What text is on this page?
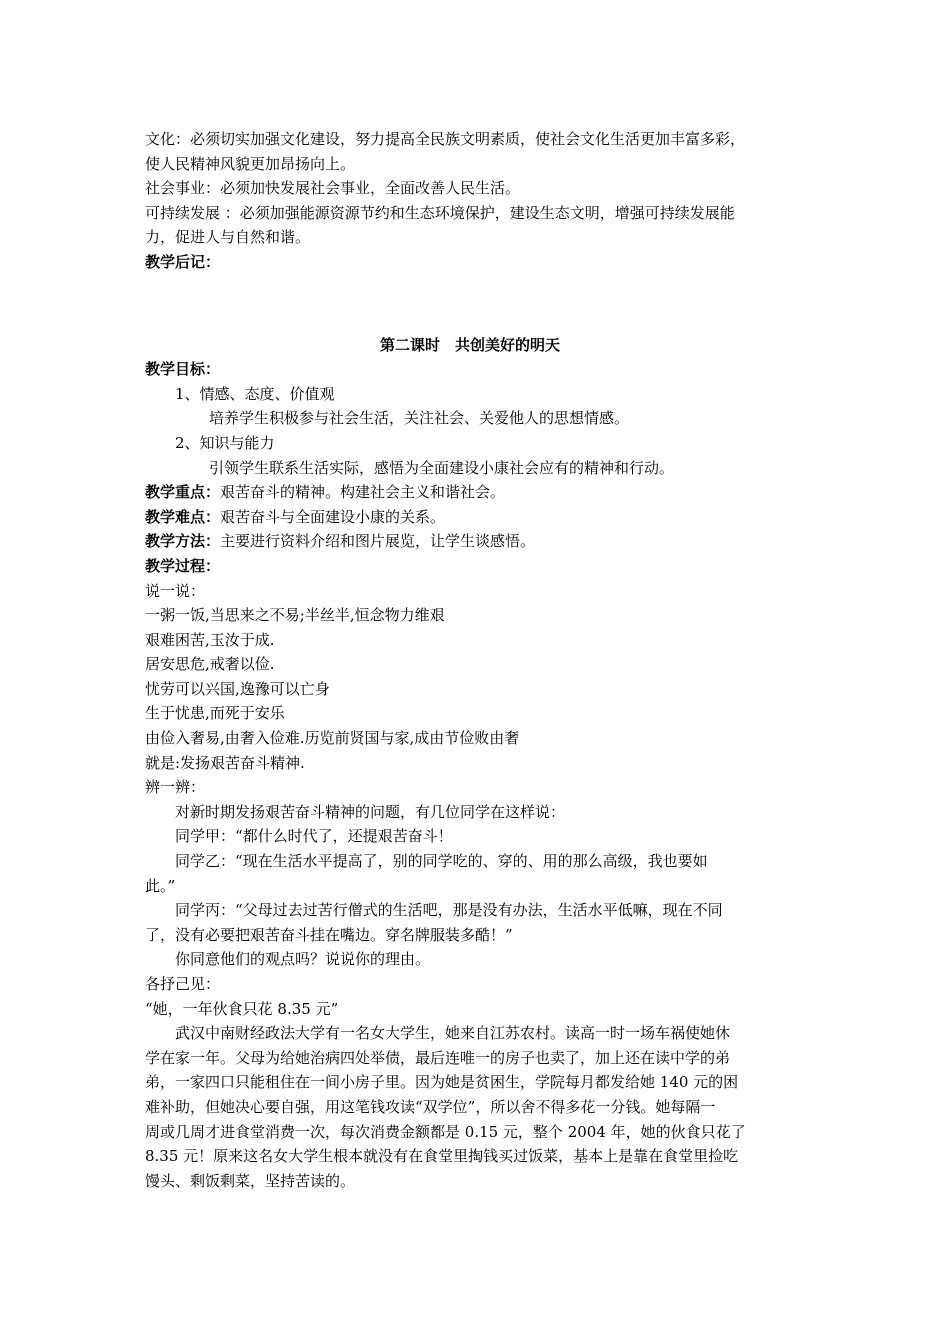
文化：必须切实加强文化建设，努力提高全民族文明素质，使社会文化生活更加丰富多彩，
使人民精神风貌更加昂扬向上。
社会事业：必须加快发展社会事业，全面改善人民生活。
可持续发展 ：必须加强能源资源节约和生态环境保护，建设生态文明，增强可持续发展能
力，促进人与自然和谐。
教学后记：
第二课时　共创美好的明天
教学目标：
1、情感、态度、价值观
培养学生积极参与社会生活，关注社会、关爱他人的思想情感。
2、知识与能力
引领学生联系生活实际，感悟为全面建设小康社会应有的精神和行动。
教学重点：艰苦奋斗的精神。构建社会主义和谐社会。
教学难点：艰苦奋斗与全面建设小康的关系。
教学方法：主要进行资料介绍和图片展览，让学生谈感悟。
教学过程：
说一说：
一粥一饭,当思来之不易;半丝半,恒念物力维艰
艰难困苦,玉汝于成.
居安思危,戒奢以俭.
忧劳可以兴国,逸豫可以亡身
生于忧患,而死于安乐
由俭入奢易,由奢入俭难.历览前贤国与家,成由节俭败由奢
就是:发扬艰苦奋斗精神.
辨一辨：
对新时期发扬艰苦奋斗精神的问题，有几位同学在这样说：
同学甲：“都什么时代了，还提艰苦奋斗！
同学乙：“现在生活水平提高了，别的同学吃的、穿的、用的那么高级，我也要如
此。”
同学丙：“父母过去过苦行僧式的生活吧，那是没有办法，生活水平低嘛，现在不同
了，没有必要把艰苦奋斗挂在嘴边。穿名牌服装多酷！”
你同意他们的观点吗？说说你的理由。
各抒己见：
“她，一年伙食只花 8.35 元”
武汉中南财经政法大学有一名女大学生，她来自江苏农村。读高一时一场车祸使她休
学在家一年。父母为给她治病四处举债，最后连唯一的房子也卖了，加上还在读中学的弟
弟，一家四口只能租住在一间小房子里。因为她是贫困生，学院每月都发给她 140 元的困
难补助，但她决心要自强，用这笔钱攻读“双学位”，所以舍不得多花一分钱。她每隔一
周或几周才进食堂消费一次，每次消费金额都是 0.15 元，整个 2004 年，她的伙食只花了
8.35 元！原来这名女大学生根本就没有在食堂里掏钱买过饭菜，基本上是靠在食堂里捡吃
馒头、剩饭剩菜，坚持苦读的。
